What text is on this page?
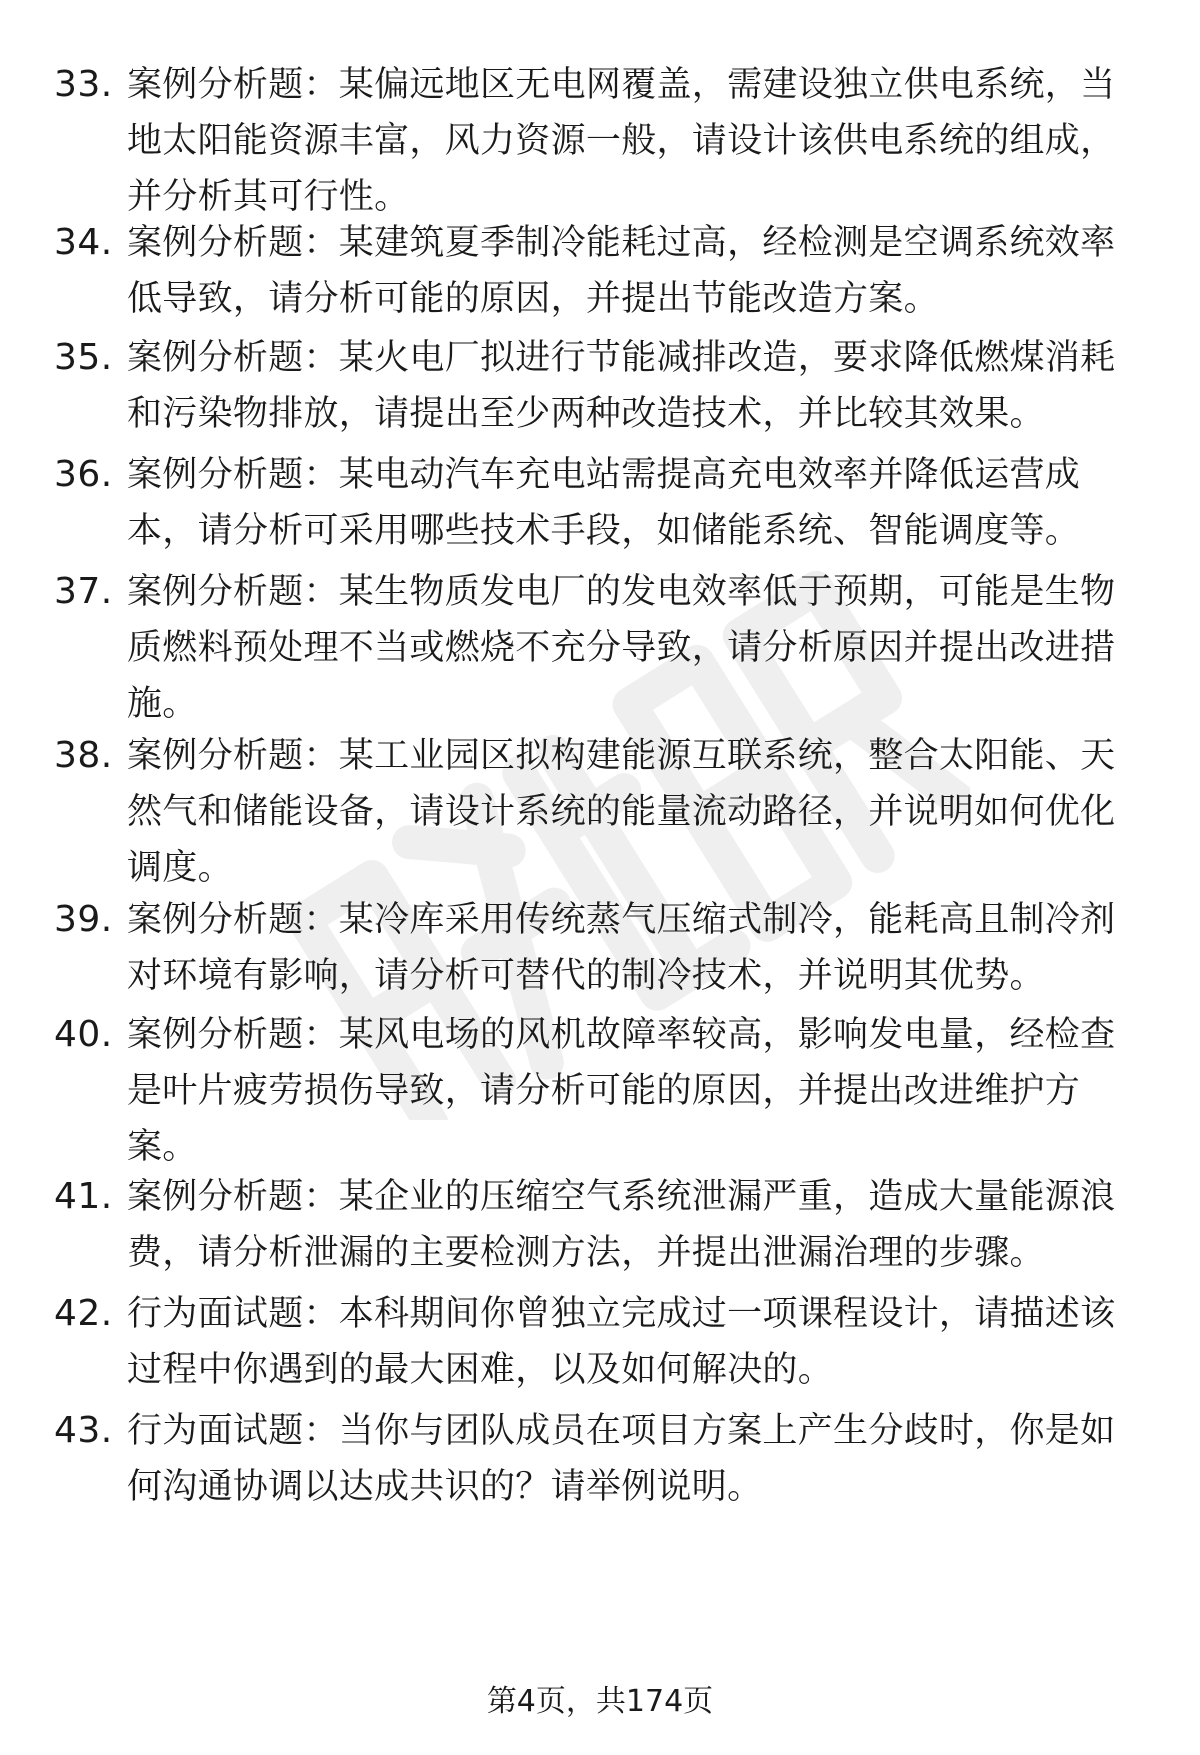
33. 案例分析题：某偏远地区无电网覆盖，需建设独立供电系统，当地太阳能资源丰富，风力资源一般，请设计该供电系统的组成，并分析其可行性。
34. 案例分析题：某建筑夏季制冷能耗过高，经检测是空调系统效率低导致，请分析可能的原因，并提出节能改造方案。
35. 案例分析题：某火电厂拟进行节能减排改造，要求降低燃煤消耗和污染物排放，请提出至少两种改造技术，并比较其效果。
36. 案例分析题：某电动汽车充电站需提高充电效率并降低运营成本，请分析可采用哪些技术手段，如储能系统、智能调度等。
37. 案例分析题：某生物质发电厂的发电效率低于预期，可能是生物质燃料预处理不当或燃烧不充分导致，请分析原因并提出改进措施。
38. 案例分析题：某工业园区拟构建能源互联系统，整合太阳能、天然气和储能设备，请设计系统的能量流动路径，并说明如何优化调度。
39. 案例分析题：某冷库采用传统蒸气压缩式制冷，能耗高且制冷剂对环境有影响，请分析可替代的制冷技术，并说明其优势。
40. 案例分析题：某风电场的风机故障率较高，影响发电量，经检查是叶片疲劳损伤导致，请分析可能的原因，并提出改进维护方案。
41. 案例分析题：某企业的压缩空气系统泄漏严重，造成大量能源浪费，请分析泄漏的主要检测方法，并提出泄漏治理的步骤。
42. 行为面试题：本科期间你曾独立完成过一项课程设计，请描述该过程中你遇到的最大困难，以及如何解决的。
43. 行为面试题：当你与团队成员在项目方案上产生分歧时，你是如何沟通协调以达成共识的？请举例说明。
第4页，共174页
